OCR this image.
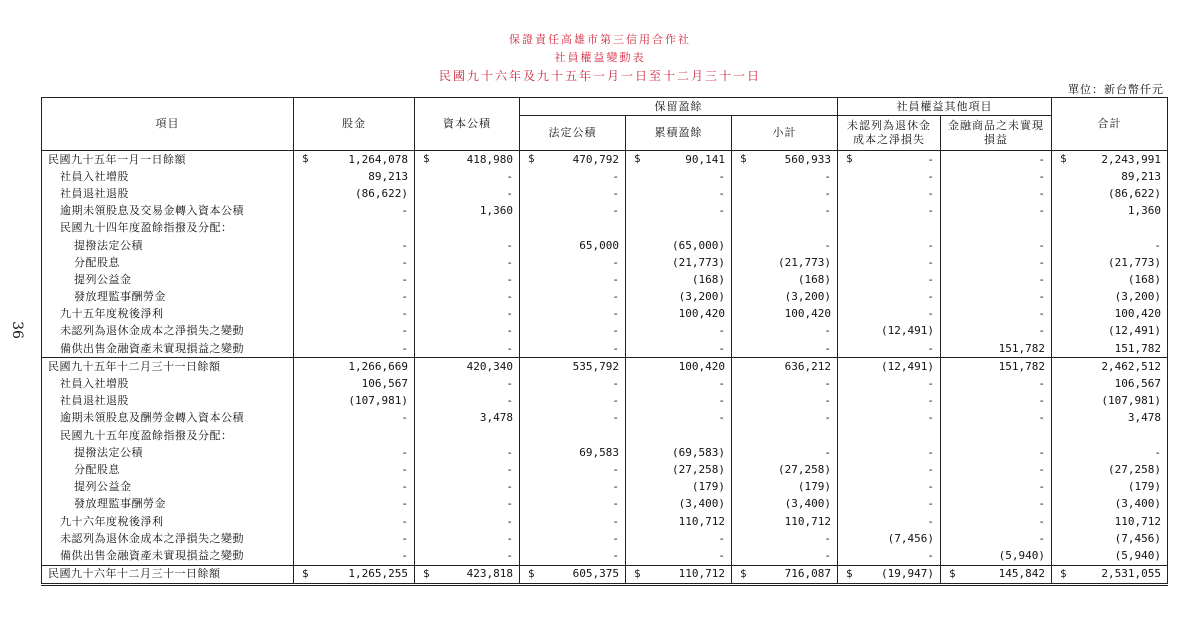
保證責任高雄市第三信用合作社
社員權益變動表
民國九十六年及九十五年一月一日至十二月三十一日
單位：新台幣仟元
36
項目	股金	資本公積	保留盈餘			社員權益其他項目		合計
			法定公積	累積盈餘	小計	未認列為退休金成本之淨損失	金融商品之未實現損益	
民國九十五年一月一日餘額	$ 1,264,078	$ 418,980	$ 470,792	$ 90,141	$ 560,933	$ -	-	$ 2,243,991
社員入社增股	89,213	-	-	-	-	-	-	89,213
社員退社退股	(86,622)	-	-	-	-	-	-	(86,622)
逾期未領股息及交易金轉入資本公積	-	1,360	-	-	-	-	-	1,360
民國九十四年度盈餘指撥及分配：								
提撥法定公積	-	-	65,000	(65,000)	-	-	-	-
分配股息	-	-	-	(21,773)	(21,773)	-	-	(21,773)
提列公益金	-	-	-	(168)	(168)	-	-	(168)
發放理監事酬勞金	-	-	-	(3,200)	(3,200)	-	-	(3,200)
九十五年度稅後淨利	-	-	-	100,420	100,420	-	-	100,420
未認列為退休金成本之淨損失之變動	-	-	-	-	-	(12,491)	-	(12,491)
備供出售金融資產未實現損益之變動	-	-	-	-	-	-	151,782	151,782
民國九十五年十二月三十一日餘額	1,266,669	420,340	535,792	100,420	636,212	(12,491)	151,782	2,462,512
社員入社增股	106,567	-	-	-	-	-	-	106,567
社員退社退股	(107,981)	-	-	-	-	-	-	(107,981)
逾期未領股息及酬勞金轉入資本公積	-	3,478	-	-	-	-	-	3,478
民國九十五年度盈餘指撥及分配：								
提撥法定公積	-	-	69,583	(69,583)	-	-	-	-
分配股息	-	-	-	(27,258)	(27,258)	-	-	(27,258)
提列公益金	-	-	-	(179)	(179)	-	-	(179)
發放理監事酬勞金	-	-	-	(3,400)	(3,400)	-	-	(3,400)
九十六年度稅後淨利	-	-	-	110,712	110,712	-	-	110,712
未認列為退休金成本之淨損失之變動	-	-	-	-	-	(7,456)	-	(7,456)
備供出售金融資產未實現損益之變動	-	-	-	-	-	-	(5,940)	(5,940)
民國九十六年十二月三十一日餘額	$ 1,265,255	$ 423,818	$ 605,375	$ 110,712	$ 716,087	$ (19,947)	$ 145,842	$ 2,531,055
